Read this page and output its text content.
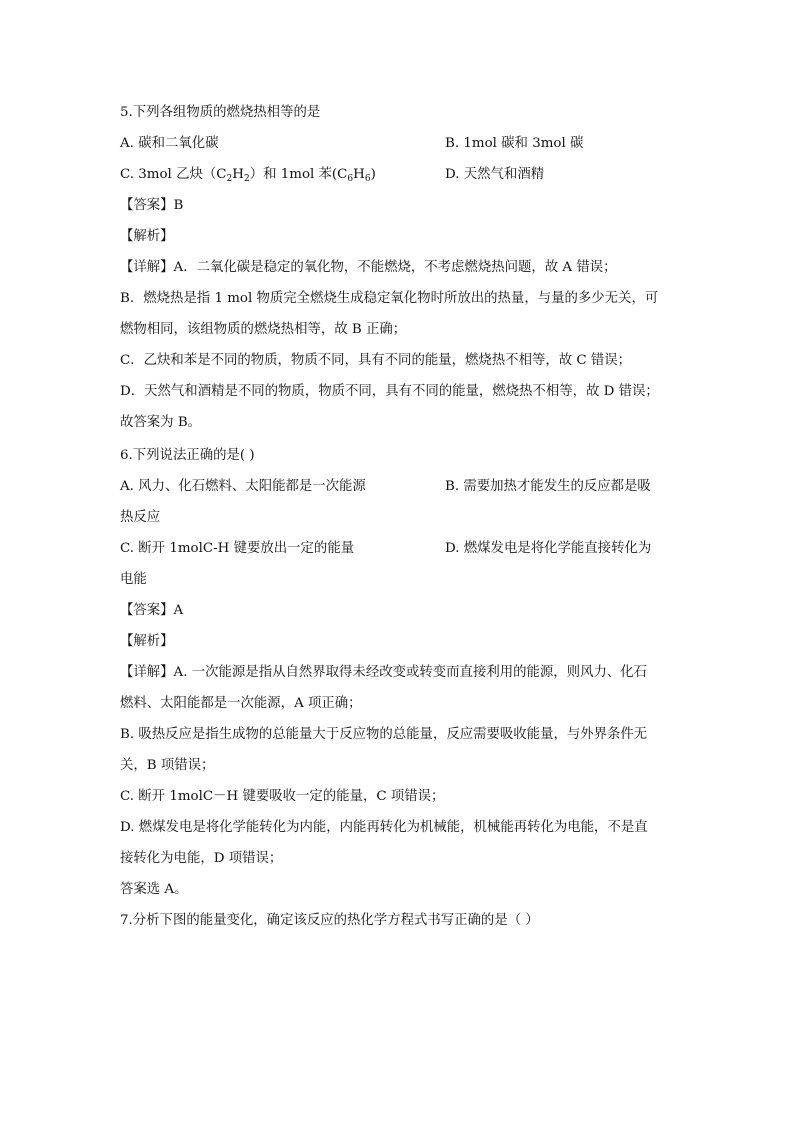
5.下列各组物质的燃烧热相等的是
A. 碳和二氧化碳	B. 1mol 碳和 3mol 碳
C. 3mol 乙炔$(C_2H_2)$和 1mol 苯$(C_6H_6)$	D. 天然气和酒精
【答案】B
【解析】
【详解】A．二氧化碳是稳定的氧化物，不能燃烧，不考虑燃烧热问题，故 A 错误；
B．燃烧热是指 1 mol 物质完全燃烧生成稳定氧化物时所放出的热量，与量的多少无关，可
燃物相同，该组物质的燃烧热相等，故 B 正确；
C．乙炔和苯是不同的物质，物质不同，具有不同的能量，燃烧热不相等，故 C 错误；
D．天然气和酒精是不同的物质，物质不同，具有不同的能量，燃烧热不相等，故 D 错误；
故答案为 B。
6.下列说法正确的是( )
A. 风力、化石燃料、太阳能都是一次能源	B. 需要加热才能发生的反应都是吸
热反应
C. 断开 1molC-H 键要放出一定的能量	D. 燃煤发电是将化学能直接转化为
电能
【答案】A
【解析】
【详解】A. 一次能源是指从自然界取得未经改变或转变而直接利用的能源，则风力、化石
燃料、太阳能都是一次能源，A 项正确；
B. 吸热反应是指生成物的总能量大于反应物的总能量，反应需要吸收能量，与外界条件无
关，B 项错误；
C. 断开 1molC－H 键要吸收一定的能量，C 项错误；
D. 燃煤发电是将化学能转化为内能，内能再转化为机械能，机械能再转化为电能，不是直
接转化为电能，D 项错误；
答案选 A。
7.分析下图的能量变化，确定该反应的热化学方程式书写正确的是（ ）
